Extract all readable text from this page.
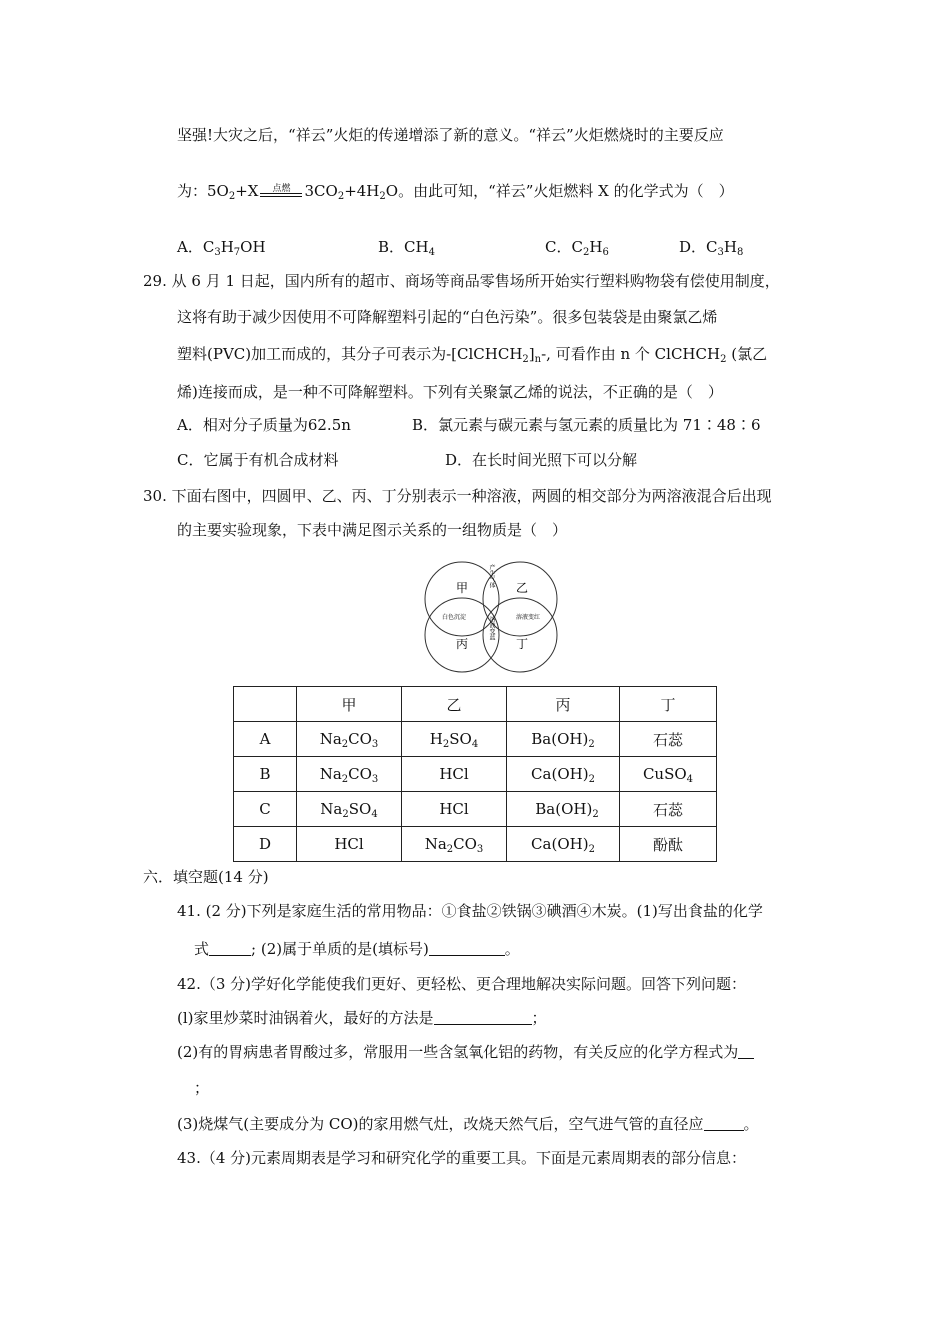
坚强!大灾之后，“祥云”火炬的传递增添了新的意义。“祥云”火炬燃烧时的主要反应
为：$5O_2+X$	点燃 $3CO_2+4H_2O$。由此可知，“祥云”火炬燃料 X 的化学式为（　）
A．$C_3H_7OH$	B．$CH_4$	C．$C_2H_6$	D．$C_3H_8$
29. 从 6 月 1 日起，国内所有的超市、商场等商品零售场所开始实行塑料购物袋有偿使用制度，
这将有助于减少因使用不可降解塑料引起的“白色污染”。很多包装袋是由聚氯乙烯
塑料(PVC)加工而成的，其分子可表示为$-[ClCHCH_2]_n-$, 可看作由 n 个 ClCHCH$_2$ (氯乙
烯)连接而成，是一种不可降解塑料。下列有关聚氯乙烯的说法，不正确的是（　）
A．相对分子质量为62.5n	B．氯元素与碳元素与氢元素的质量比为 71∶48∶6
C．它属于有机合成材料	D．在长时间光照下可以分解
30. 下面右图中，四圆甲、乙、丙、丁分别表示一种溶液，两圆的相交部分为两溶液混合后出现
的主要实验现象，下表中满足图示关系的一组物质是（　）
甲	乙
丙	丁
产生气体
白色沉淀	溶液变红
溶液变蓝
	甲	乙	丙	丁
A	$Na_2CO_3$	$H_2SO_4$	$Ba(OH)_2$	石蕊
B	$Na_2CO_3$	HCl	$Ca(OH)_2$	CuSO$_4$
C	$Na_2SO_4$	HCl	$Ba(OH)_2$	石蕊
D	HCl	$Na_2CO_3$	$Ca(OH)_2$	酚酞
六．填空题(14 分)
41. (2 分)下列是家庭生活的常用物品：①食盐②铁锅③碘酒④木炭。(1)写出食盐的化学
式	; (2)属于单质的是(填标号)	。
42.（3 分)学好化学能使我们更好、更轻松、更合理地解决实际问题。回答下列问题：
(l)家里炒菜时油锅着火，最好的方法是	；
(2)有的胃病患者胃酸过多，常服用一些含氢氧化铝的药物，有关反应的化学方程式为
；
(3)烧煤气(主要成分为 CO)的家用燃气灶，改烧天然气后，空气进气管的直径应	。
43.（4 分)元素周期表是学习和研究化学的重要工具。下面是元素周期表的部分信息：
